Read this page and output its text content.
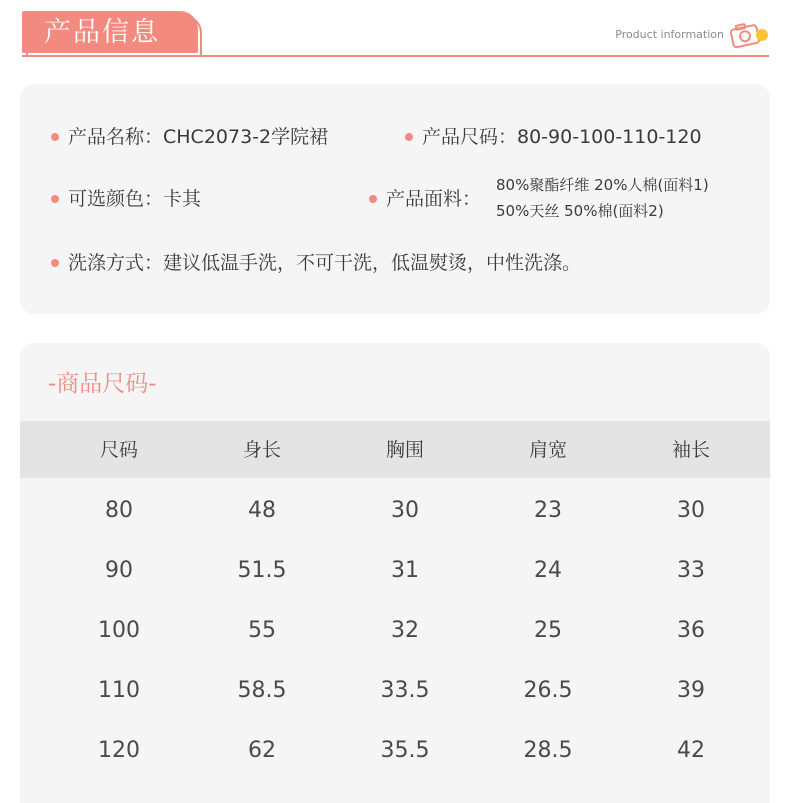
产品信息	Product information
产品名称：CHC2073-2学院裙	产品尺码：80-90-100-110-120
可选颜色：卡其	产品面料：
80%聚酯纤维 20%人棉(面料1)
50%天丝 50%棉(面料2)
洗涤方式：建议低温手洗，不可干洗，低温熨烫，中性洗涤。
-商品尺码-
尺码	身长	胸围	肩宽	袖长
80	48	30	23	30
90	51.5	31	24	33
100	55	32	25	36
110	58.5	33.5	26.5	39
120	62	35.5	28.5	42
